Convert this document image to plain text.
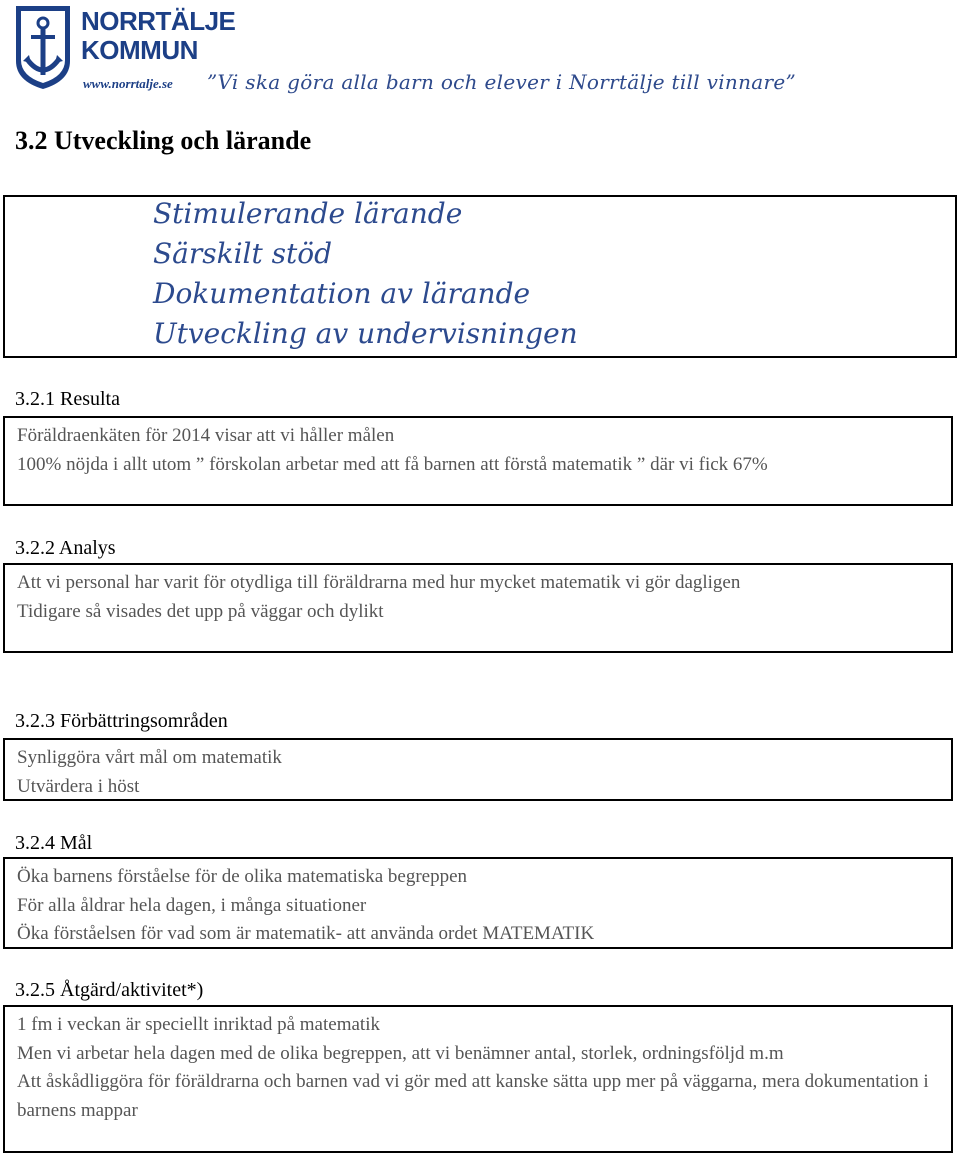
NORRTÄLJE
KOMMUN
www.norrtalje.se ”Vi ska göra alla barn och elever i Norrtälje till vinnare”
3.2 Utveckling och lärande
Stimulerande lärande
Särskilt stöd
Dokumentation av lärande
Utveckling av undervisningen
3.2.1 Resulta

Föräldraenkäten för 2014 visar att vi håller målen

100% nöjda i allt utom ” förskolan arbetar med att få barnen att förstå matematik ” där vi fick 67%

3.2.2 Analys

Att vi personal har varit för otydliga till föräldrarna med hur mycket matematik vi gör dagligen

Tidigare så visades det upp på väggar och dylikt

3.2.3 Förbättringsområden

Synliggöra vårt mål om matematik

Utvärdera i höst

3.2.4 Mål

Öka barnens förståelse för de olika matematiska begreppen

För alla åldrar hela dagen, i många situationer

Öka förståelsen för vad som är matematik- att använda ordet MATEMATIK

3.2.5 Åtgärd/aktivitet*)

1 fm i veckan är speciellt inriktad på matematik

Men vi arbetar hela dagen med de olika begreppen, att vi benämner antal, storlek, ordningsföljd m.m

Att åskådliggöra för föräldrarna och barnen vad vi gör med att kanske sätta upp mer på väggarna, mera dokumentation i barnens mappar
